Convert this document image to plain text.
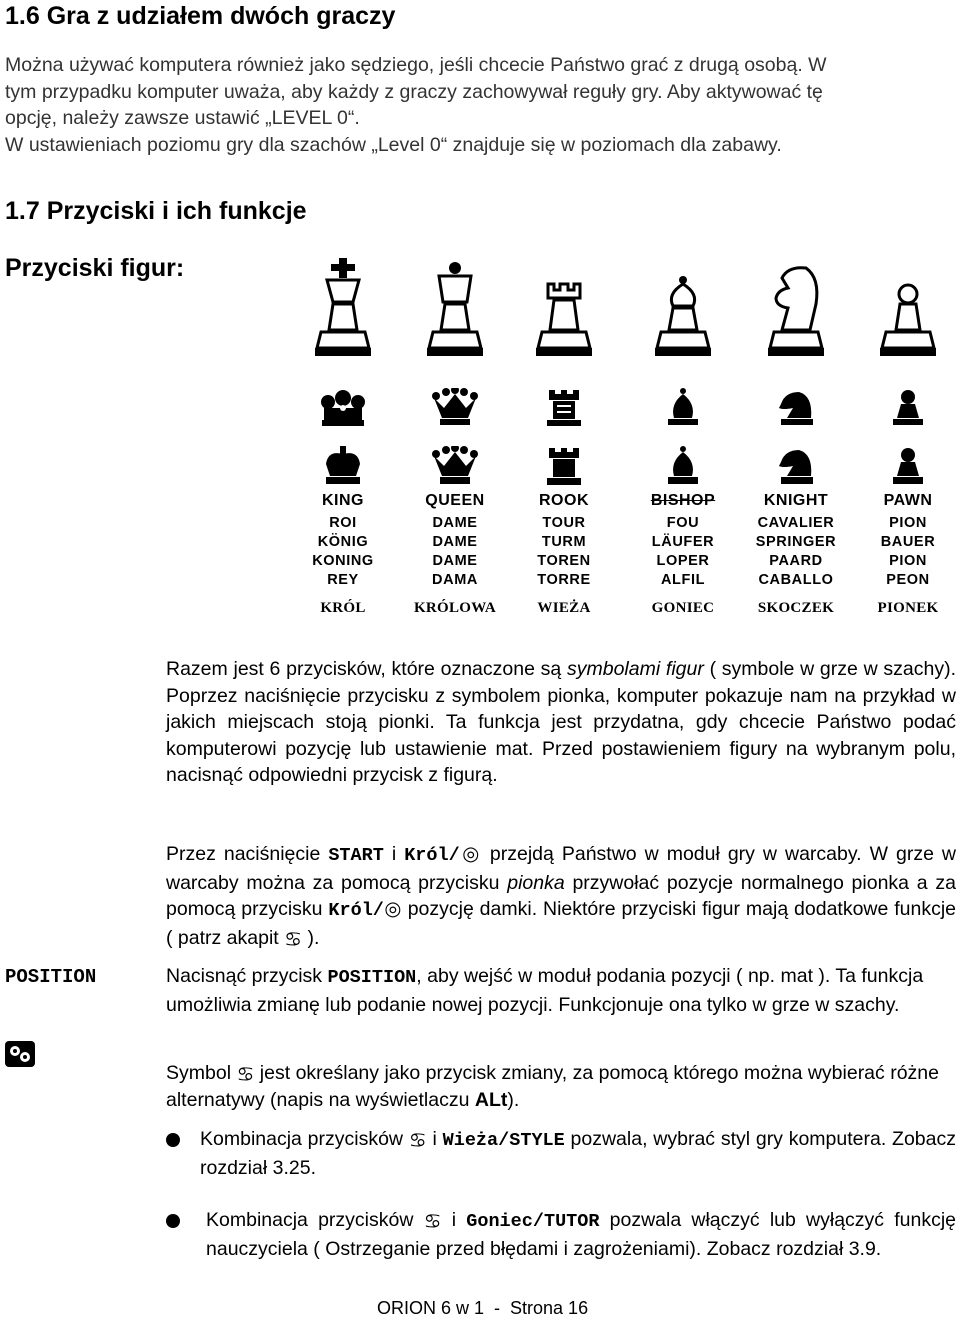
1.6 Gra z udziałem dwóch graczy
Można używać komputera również jako sędziego, jeśli chcecie Państwo grać z drugą osobą. W
tym przypadku komputer uważa, aby każdy z graczy zachowywał reguły gry. Aby aktywować tę
opcję, należy zawsze ustawić „LEVEL 0“.
W ustawieniach poziomu gry dla szachów „Level 0“ znajduje się w poziomach dla zabawy.
1.7 Przyciski i ich funkcje
Przyciski figur:
KING
ROI
KÖNIG
KONING
REY
KRÓL
QUEEN
DAME
DAME
DAME
DAMA
KRÓLOWA
ROOK
TOUR
TURM
TOREN
TORRE
WIEŻA
BISHOP
FOU
LÄUFER
LOPER
ALFIL
GONIEC
KNIGHT
CAVALIER
SPRINGER
PAARD
CABALLO
SKOCZEK
PAWN
PION
BAUER
PION
PEON
PIONEK
Razem jest 6 przycisków, które oznaczone są symbolami figur ( symbole w grze w szachy). Poprzez naciśnięcie przycisku z symbolem pionka, komputer pokazuje nam na przykład w jakich miejscach stoją pionki. Ta funkcja jest przydatna, gdy chcecie Państwo podać komputerowi pozycję lub ustawienie mat. Przed postawieniem figury na wybranym polu, nacisnąć odpowiedni przycisk z figurą.
Przez naciśnięcie START i Król/◎ przejdą Państwo w moduł gry w warcaby. W grze w warcaby można za pomocą przycisku pionka przywołać pozycje normalnego pionka a za pomocą przycisku Król/◎ pozycję damki. Niektóre przyciski figur mają dodatkowe funkcje ( patrz akapit ♋ ).
POSITION	Nacisnąć przycisk POSITION, aby wejść w moduł podania pozycji ( np. mat ). Ta funkcja umożliwia zmianę lub podanie nowej pozycji. Funkcjonuje ona tylko w grze w szachy.
Symbol ♋ jest określany jako przycisk zmiany, za pomocą którego można wybierać różne alternatywy (napis na wyświetlaczu ALt).
Kombinacja przycisków ♋ i Wieża/STYLE pozwala, wybrać styl gry komputera. Zobacz rozdział 3.25.
Kombinacja przycisków ♋ i Goniec/TUTOR pozwala włączyć lub wyłączyć funkcję nauczyciela ( Ostrzeganie przed błędami i zagrożeniami). Zobacz rozdział 3.9.
ORION 6 w 1  -  Strona 16
